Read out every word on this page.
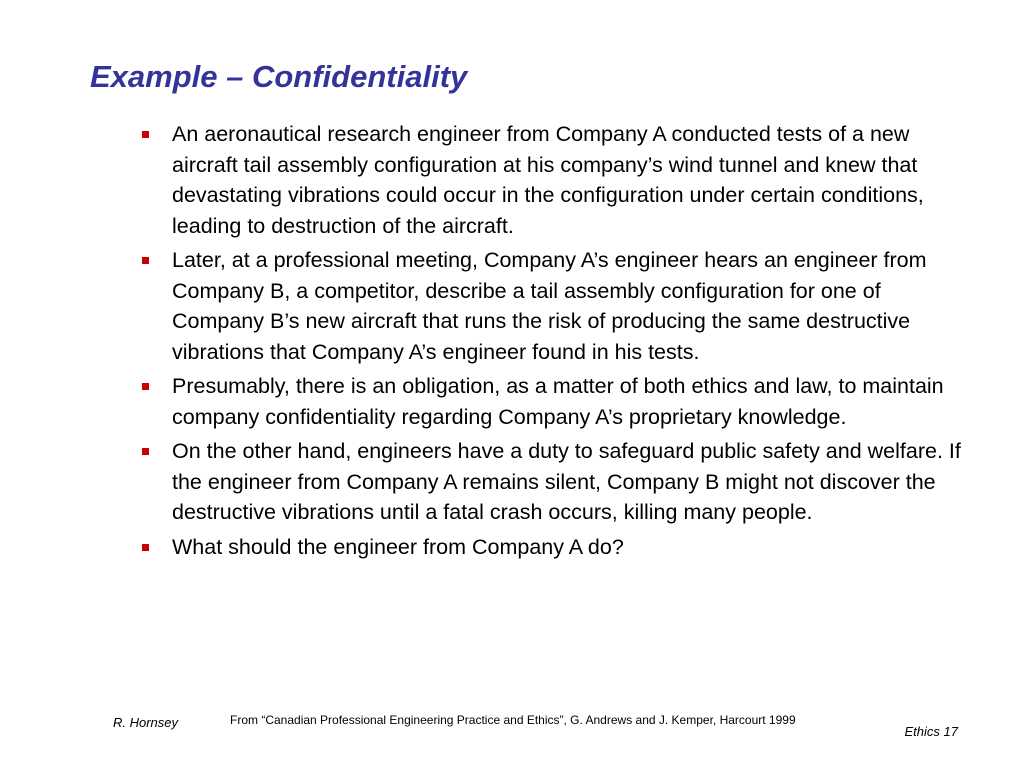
Example – Confidentiality
An aeronautical research engineer from Company A conducted tests of a new aircraft tail assembly configuration at his company’s wind tunnel and knew that devastating vibrations could occur in the configuration under certain conditions, leading to destruction of the aircraft.
Later, at a professional meeting, Company A’s engineer hears an engineer from Company B, a competitor, describe a tail assembly configuration for one of Company B’s new aircraft that runs the risk of producing the same destructive vibrations that Company A’s engineer found in his tests.
Presumably, there is an obligation, as a matter of both ethics and law, to maintain company confidentiality regarding Company A’s proprietary knowledge.
On the other hand, engineers have a duty to safeguard public safety and welfare. If the engineer from Company A remains silent, Company B might not discover the destructive vibrations until a fatal crash occurs, killing many people.
What should the engineer from Company A do?
R. Hornsey	From “Canadian Professional Engineering Practice and Ethics”, G. Andrews and J. Kemper, Harcourt 1999
Ethics 17
